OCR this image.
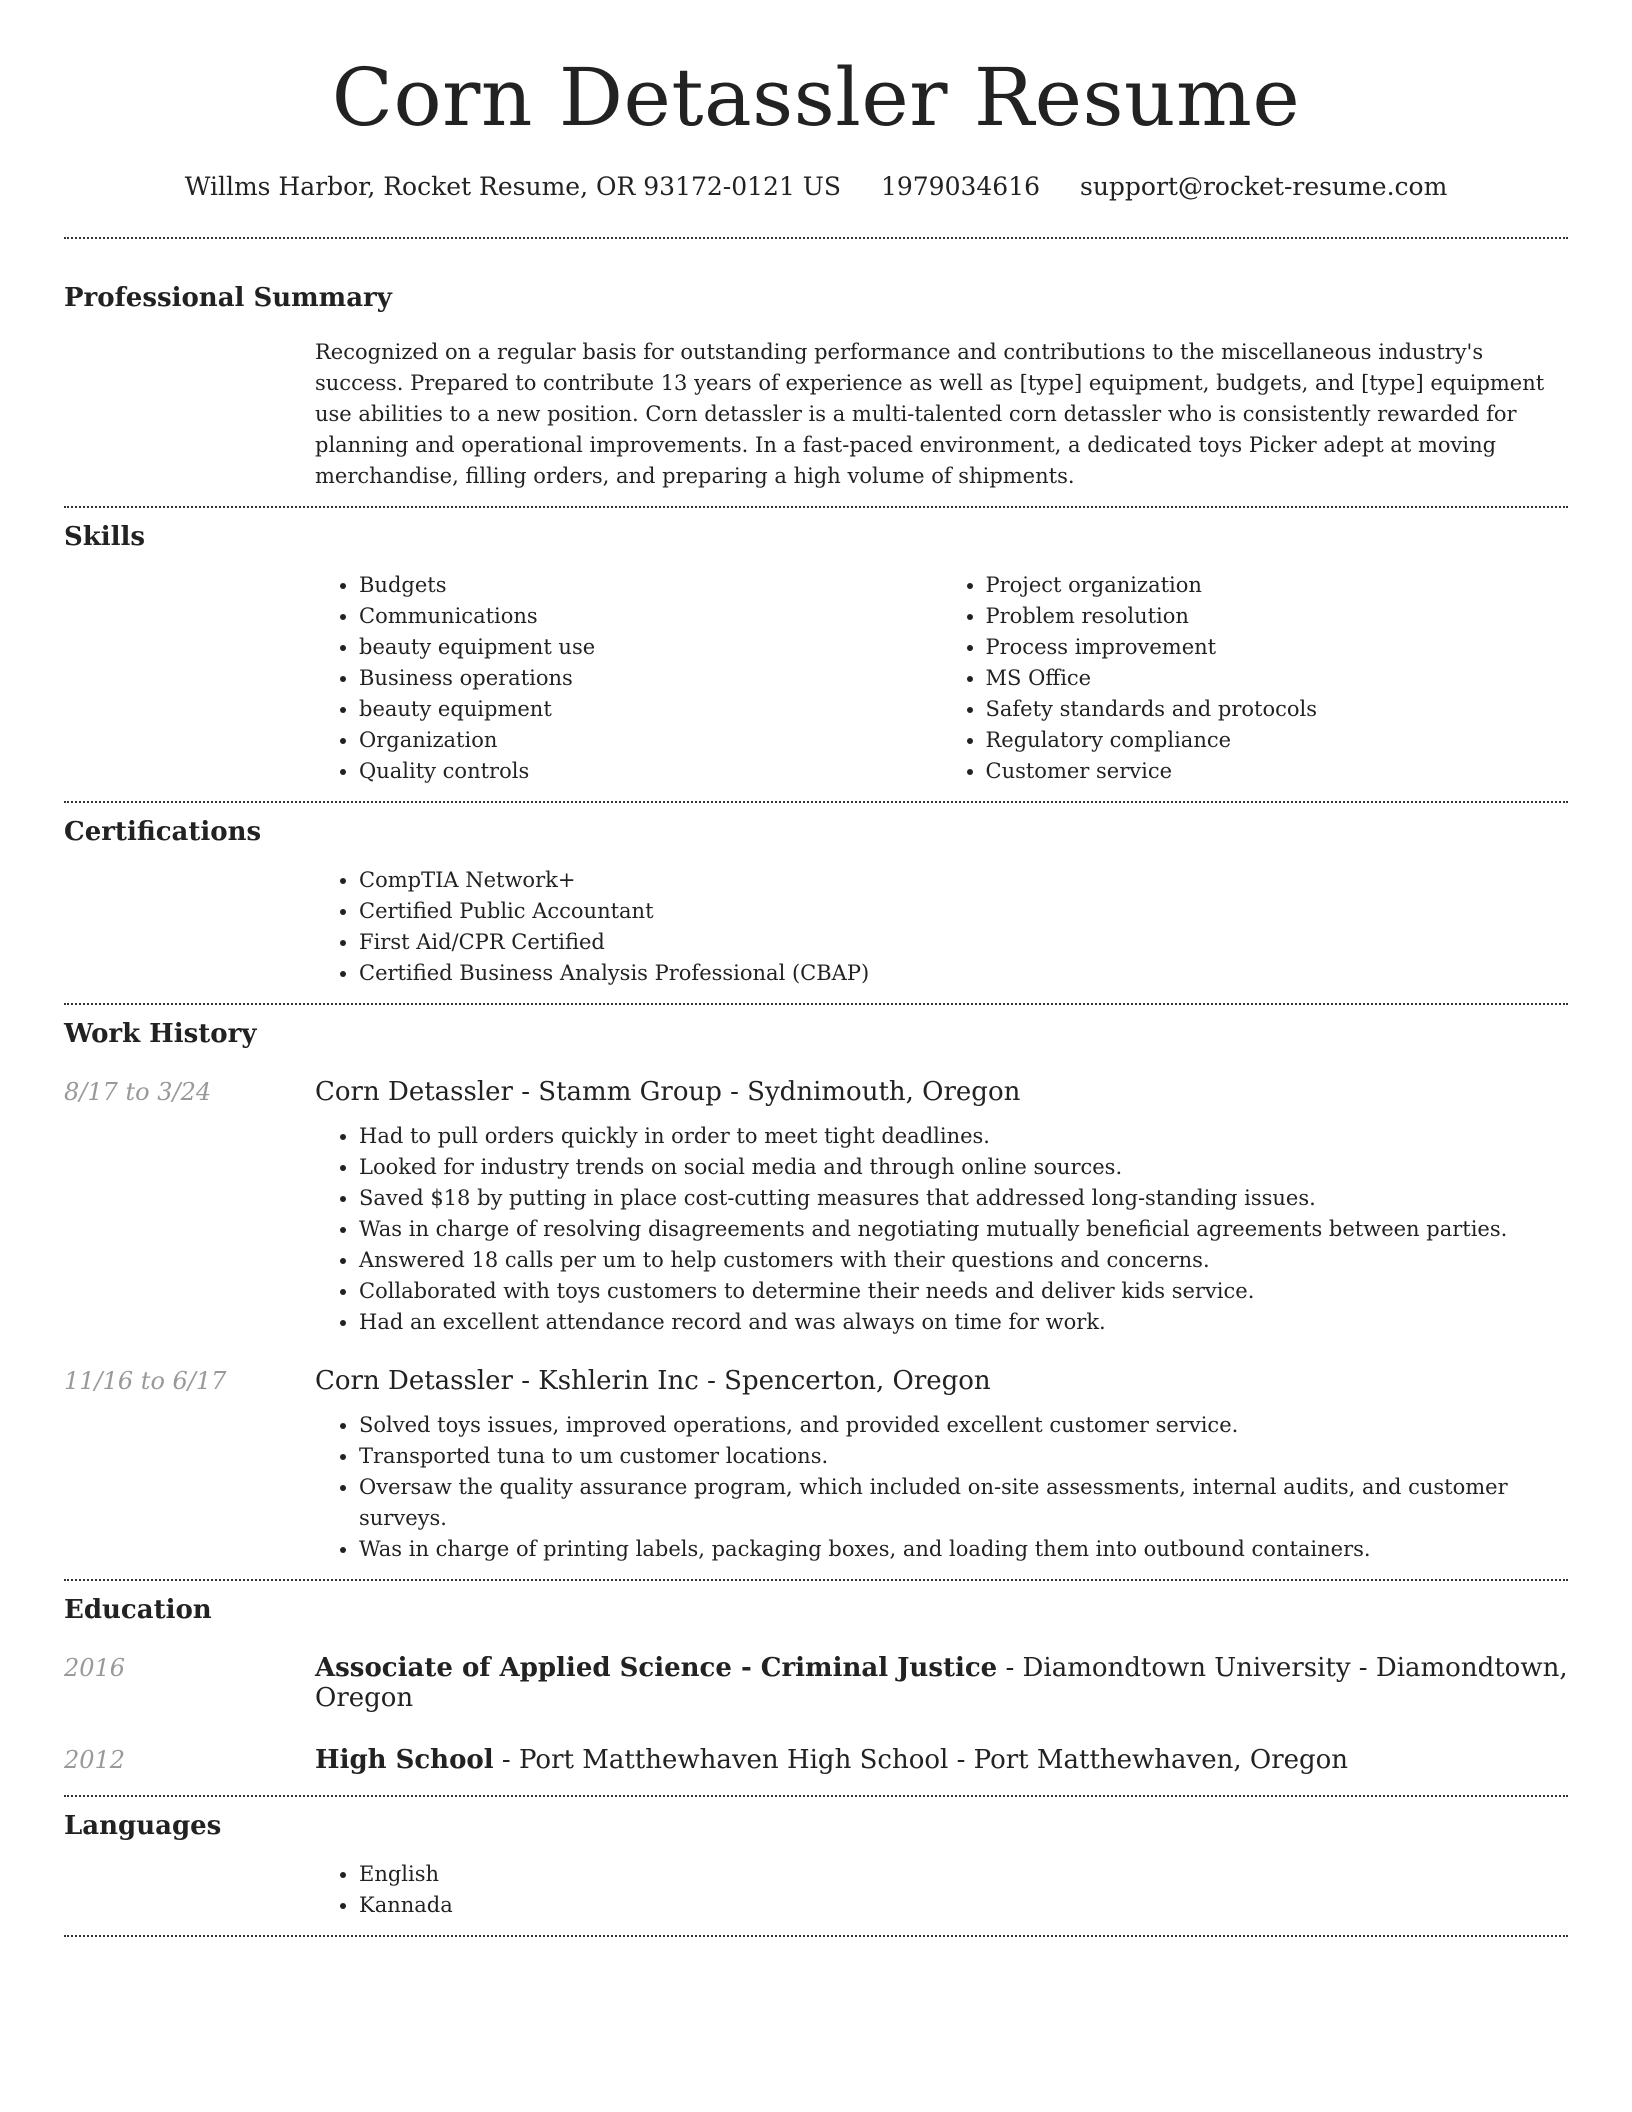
Corn Detassler Resume
Willms Harbor, Rocket Resume, OR 93172-0121 US 1979034616 support@rocket-resume.com
Professional Summary

Recognized on a regular basis for outstanding performance and contributions to the miscellaneous industry's success. Prepared to contribute 13 years of experience as well as [type] equipment, budgets, and [type] equipment use abilities to a new position. Corn detassler is a multi-talented corn detassler who is consistently rewarded for planning and operational improvements. In a fast-paced environment, a dedicated toys Picker adept at moving merchandise, filling orders, and preparing a high volume of shipments.

Skills
• Budgets
• Communications
• beauty equipment use
• Business operations
• beauty equipment
• Organization
• Quality controls
• Project organization
• Problem resolution
• Process improvement
• MS Office
• Safety standards and protocols
• Regulatory compliance
• Customer service
Certifications
• CompTIA Network+
• Certified Public Accountant
• First Aid/CPR Certified
• Certified Business Analysis Professional (CBAP)
Work History
8/17 to 3/24	Corn Detassler - Stamm Group - Sydnimouth, Oregon
• Had to pull orders quickly in order to meet tight deadlines.
• Looked for industry trends on social media and through online sources.
• Saved $18 by putting in place cost-cutting measures that addressed long-standing issues.
• Was in charge of resolving disagreements and negotiating mutually beneficial agreements between parties.
• Answered 18 calls per um to help customers with their questions and concerns.
• Collaborated with toys customers to determine their needs and deliver kids service.
• Had an excellent attendance record and was always on time for work.
11/16 to 6/17	Corn Detassler - Kshlerin Inc - Spencerton, Oregon
• Solved toys issues, improved operations, and provided excellent customer service.
• Transported tuna to um customer locations.
• Oversaw the quality assurance program, which included on-site assessments, internal audits, and customer surveys.
• Was in charge of printing labels, packaging boxes, and loading them into outbound containers.
Education
2016	Associate of Applied Science - Criminal Justice - Diamondtown University - Diamondtown, Oregon
2012	High School - Port Matthewhaven High School - Port Matthewhaven, Oregon
Languages
• English
• Kannada
